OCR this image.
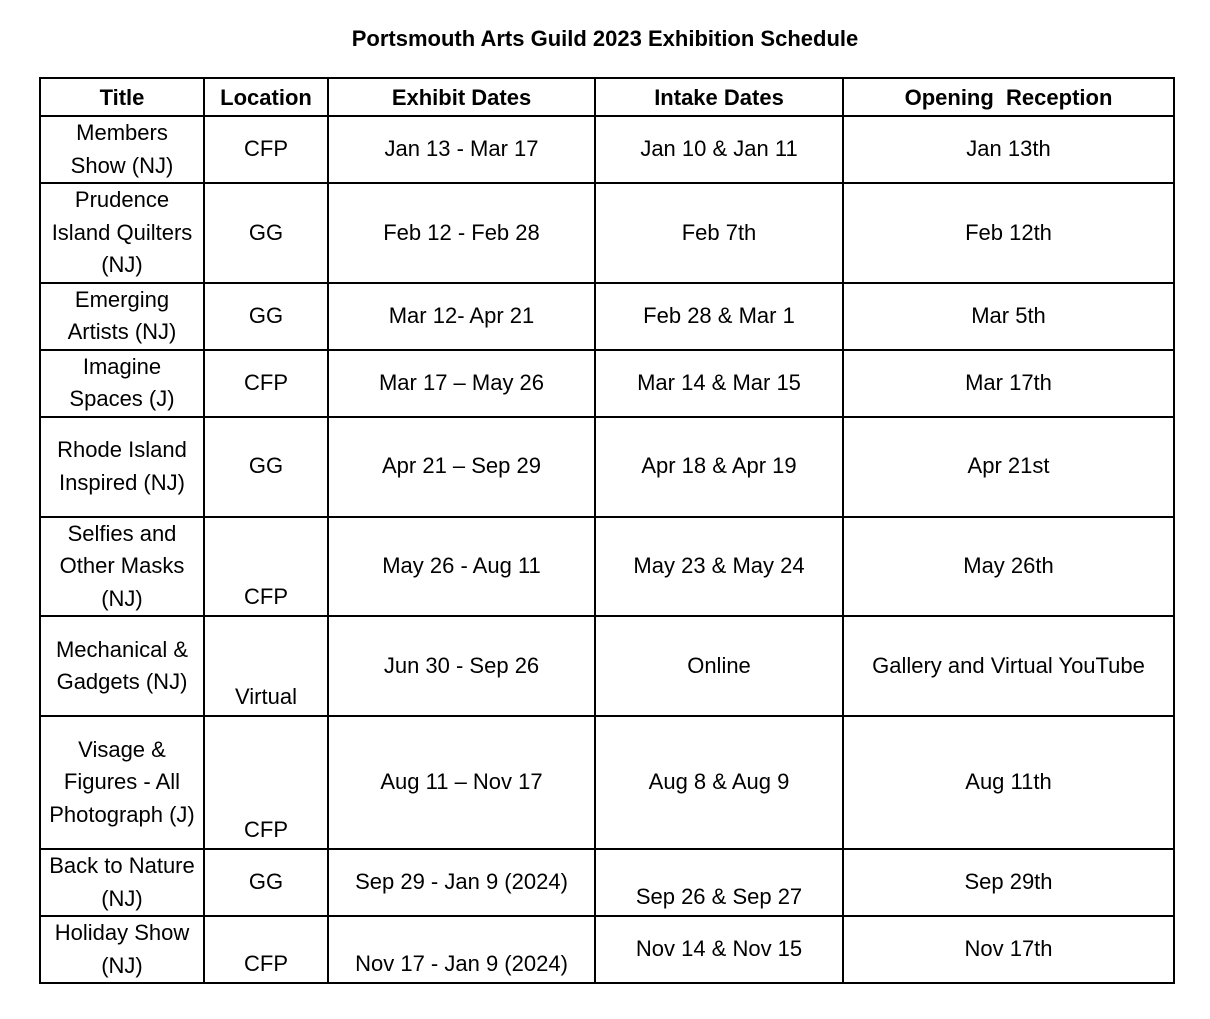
Portsmouth Arts Guild 2023 Exhibition Schedule
Title	Location	Exhibit Dates	Intake Dates	Opening  Reception
Members Show (NJ)	CFP	Jan 13 - Mar 17	Jan 10 & Jan 11	Jan 13th
Prudence Island Quilters (NJ)	GG	Feb 12 - Feb 28	Feb 7th	Feb 12th
Emerging Artists (NJ)	GG	Mar 12- Apr 21	Feb 28 & Mar 1	Mar 5th
Imagine Spaces (J)	CFP	Mar 17 – May 26	Mar 14 & Mar 15	Mar 17th
Rhode Island Inspired (NJ)	GG	Apr 21 – Sep 29	Apr 18 & Apr 19	Apr 21st
Selfies and Other Masks (NJ)	CFP	May 26 - Aug 11	May 23 & May 24	May 26th
Mechanical & Gadgets (NJ)	Virtual	Jun 30 - Sep 26	Online	Gallery and Virtual YouTube
Visage & Figures - All Photograph (J)	CFP	Aug 11 – Nov 17	Aug 8 & Aug 9	Aug 11th
Back to Nature  (NJ)	GG	Sep 29 - Jan 9 (2024)	Sep 26 & Sep 27	Sep 29th
Holiday Show (NJ)	CFP	Nov 17 - Jan 9 (2024)	Nov 14 & Nov 15	Nov 17th
